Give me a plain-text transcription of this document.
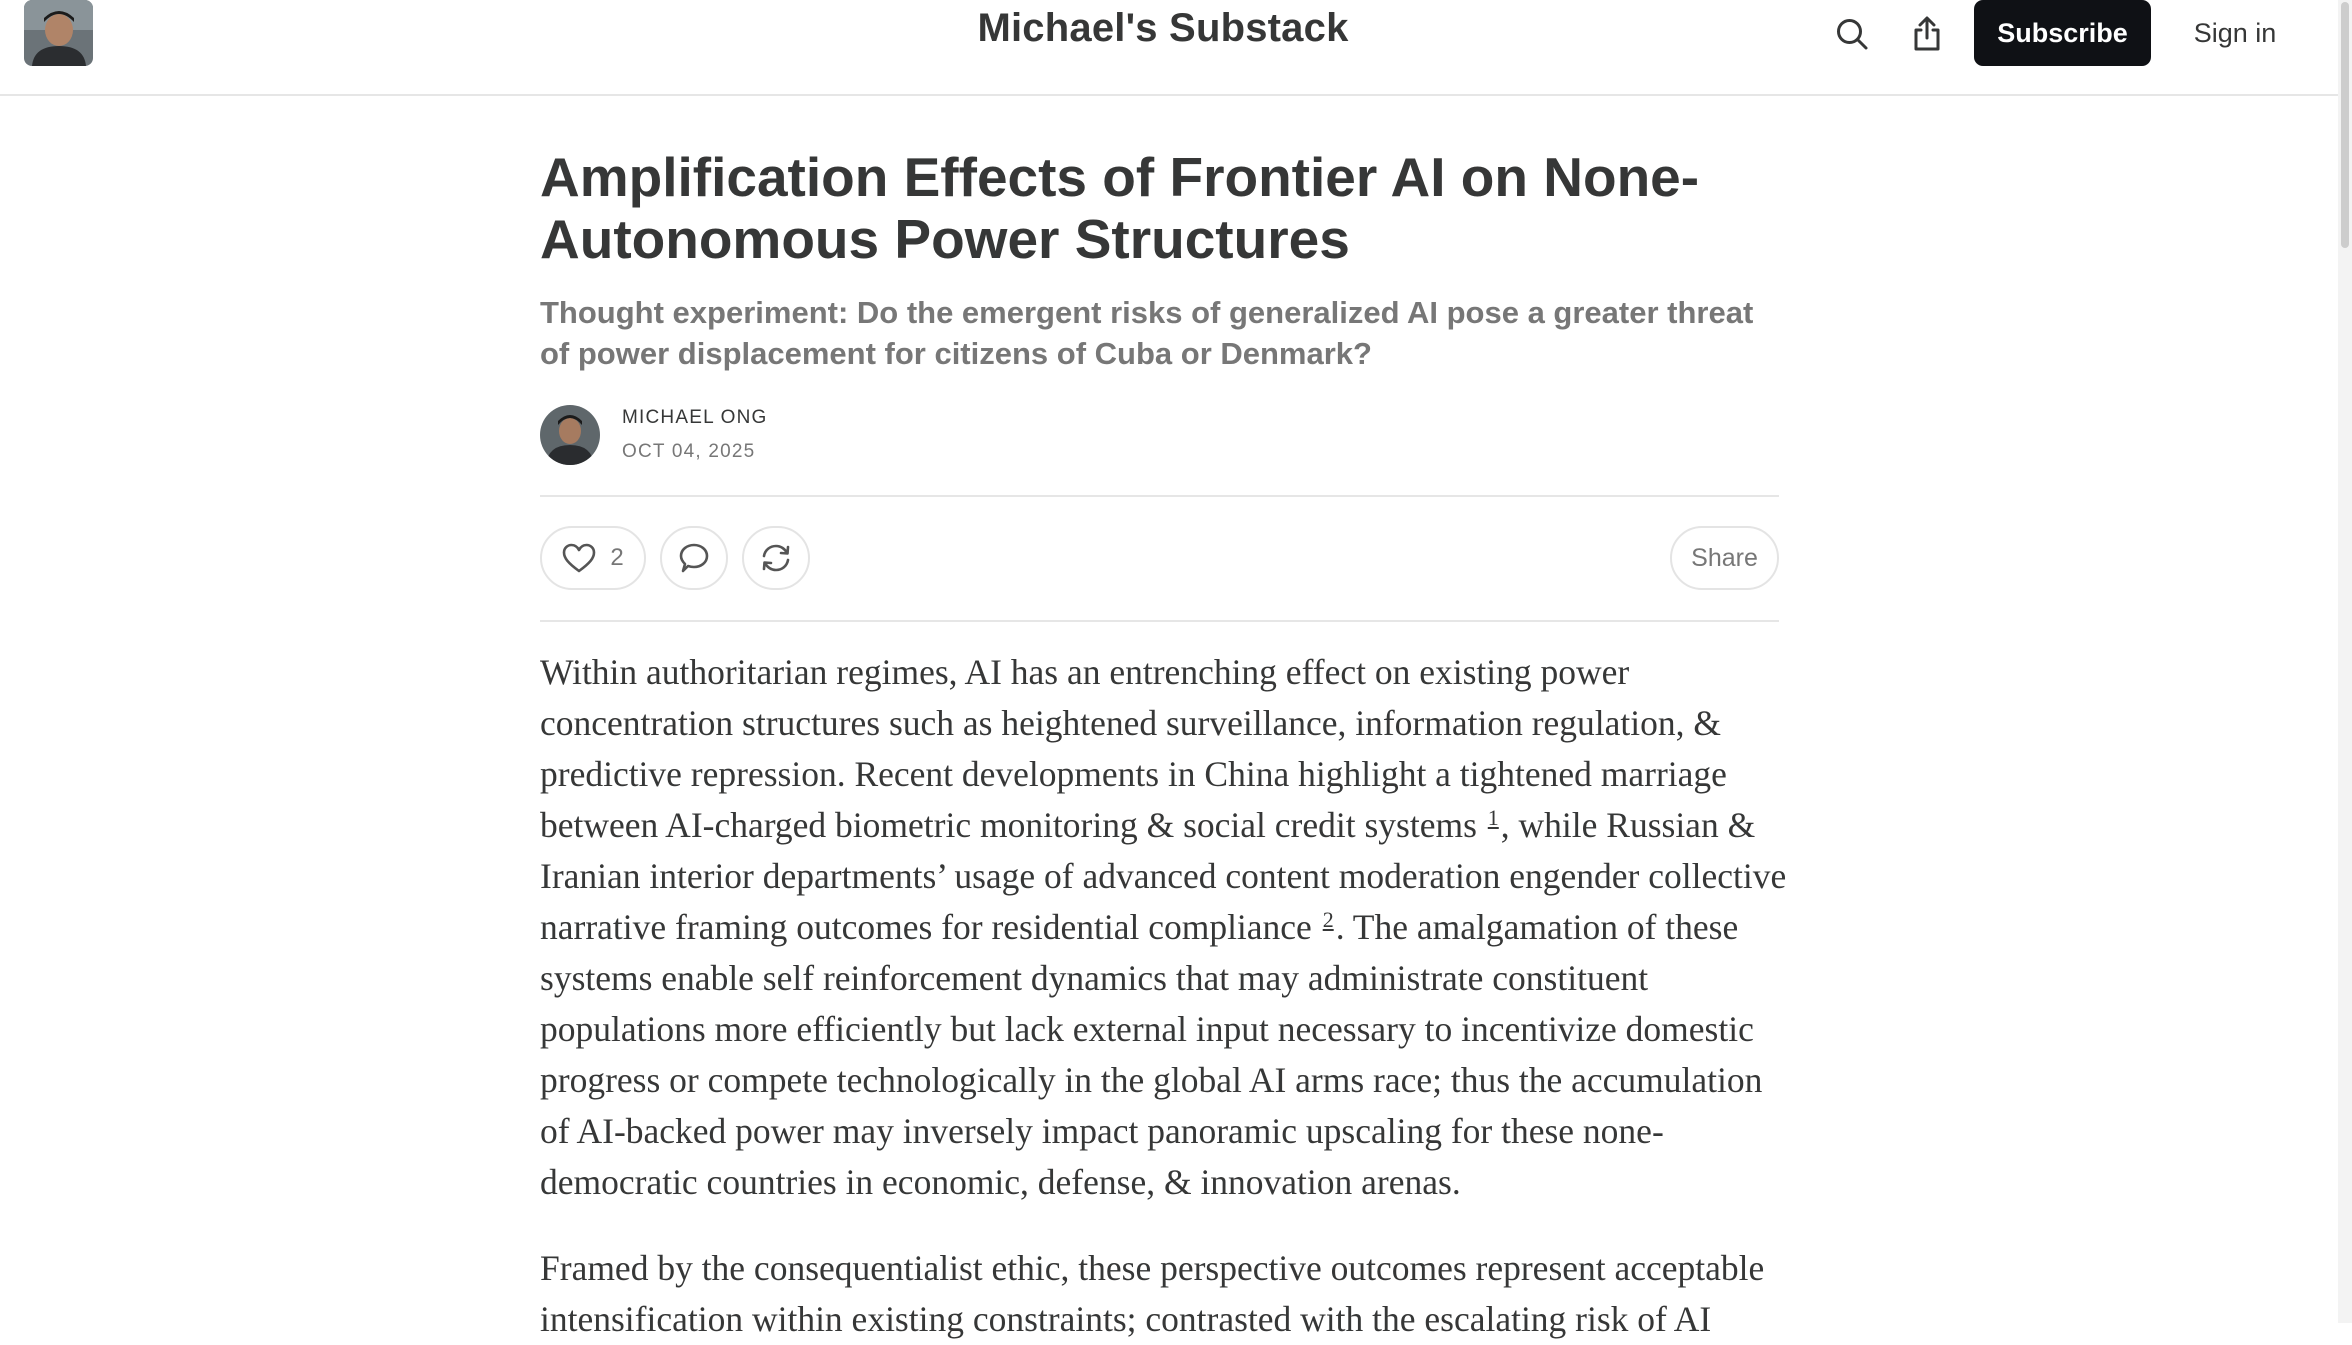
Michael's Substack	Subscribe	Sign in
Amplification Effects of Frontier AI on None-Autonomous Power Structures
Thought experiment: Do the emergent risks of generalized AI pose a greater threat of power displacement for citizens of Cuba or Denmark?
MICHAEL ONG
OCT 04, 2025
2	Share

Within authoritarian regimes, AI has an entrenching effect on existing power concentration structures such as heightened surveillance, information regulation, & predictive repression. Recent developments in China highlight a tightened marriage between AI-charged biometric monitoring & social credit systems $^1$, while Russian & Iranian interior departments’ usage of advanced content moderation engender collective narrative framing outcomes for residential compliance $^2$. The amalgamation of these systems enable self reinforcement dynamics that may administrate constituent populations more efficiently but lack external input necessary to incentivize domestic progress or compete technologically in the global AI arms race; thus the accumulation of AI-backed power may inversely impact panoramic upscaling for these none-democratic countries in economic, defense, & innovation arenas.

Framed by the consequentialist ethic, these perspective outcomes represent acceptable intensification within existing constraints; contrasted with the escalating risk of AI
